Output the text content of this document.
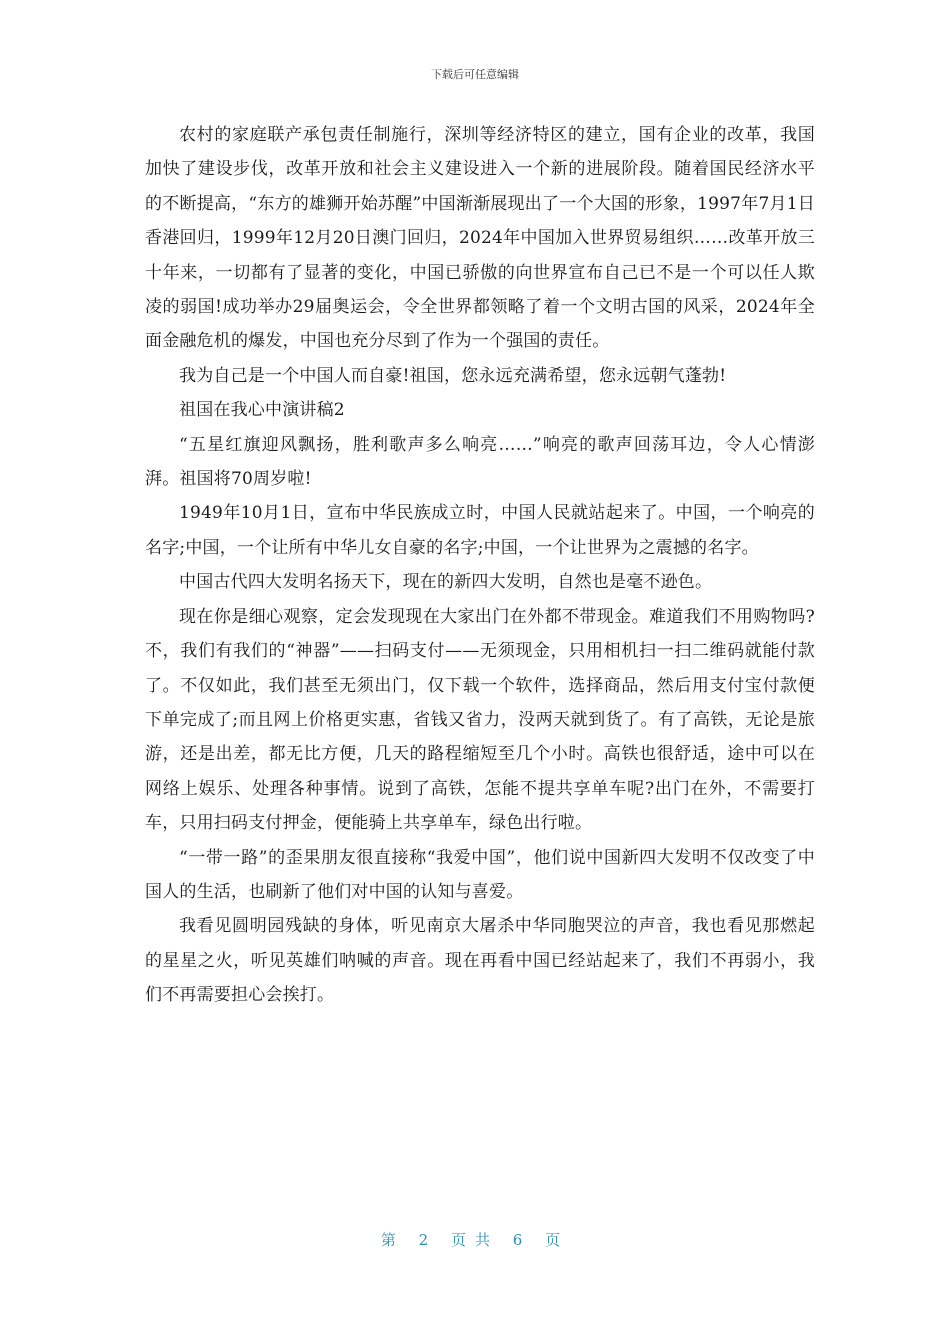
下载后可任意编辑

农村的家庭联产承包责任制施行，深圳等经济特区的建立，国有企业的改革，我国加快了建设步伐，改革开放和社会主义建设进入一个新的进展阶段。随着国民经济水平的不断提高，“东方的雄狮开始苏醒”中国渐渐展现出了一个大国的形象，1997年7月1日香港回归，1999年12月20日澳门回归，2024年中国加入世界贸易组织……改革开放三十年来，一切都有了显著的变化，中国已骄傲的向世界宣布自己已不是一个可以任人欺凌的弱国!成功举办29届奥运会，令全世界都领略了着一个文明古国的风采，2024年全面金融危机的爆发，中国也充分尽到了作为一个强国的责任。

我为自己是一个中国人而自豪!祖国，您永远充满希望，您永远朝气蓬勃!

祖国在我心中演讲稿2

“五星红旗迎风飘扬，胜利歌声多么响亮……”响亮的歌声回荡耳边，令人心情澎湃。祖国将70周岁啦!

1949年10月1日，宣布中华民族成立时，中国人民就站起来了。中国，一个响亮的名字;中国，一个让所有中华儿女自豪的名字;中国，一个让世界为之震撼的名字。

中国古代四大发明名扬天下，现在的新四大发明，自然也是毫不逊色。

现在你是细心观察，定会发现现在大家出门在外都不带现金。难道我们不用购物吗?不，我们有我们的“神器”——扫码支付——无须现金，只用相机扫一扫二维码就能付款了。不仅如此，我们甚至无须出门，仅下载一个软件，选择商品，然后用支付宝付款便下单完成了;而且网上价格更实惠，省钱又省力，没两天就到货了。有了高铁，无论是旅游，还是出差，都无比方便，几天的路程缩短至几个小时。高铁也很舒适，途中可以在网络上娱乐、处理各种事情。说到了高铁，怎能不提共享单车呢?出门在外，不需要打车，只用扫码支付押金，便能骑上共享单车，绿色出行啦。

“一带一路”的歪果朋友很直接称“我爱中国”，他们说中国新四大发明不仅改变了中国人的生活，也刷新了他们对中国的认知与喜爱。

我看见圆明园残缺的身体，听见南京大屠杀中华同胞哭泣的声音，我也看见那燃起的星星之火，听见英雄们呐喊的声音。现在再看中国已经站起来了，我们不再弱小，我们不再需要担心会挨打。

第 2 页共 6 页
